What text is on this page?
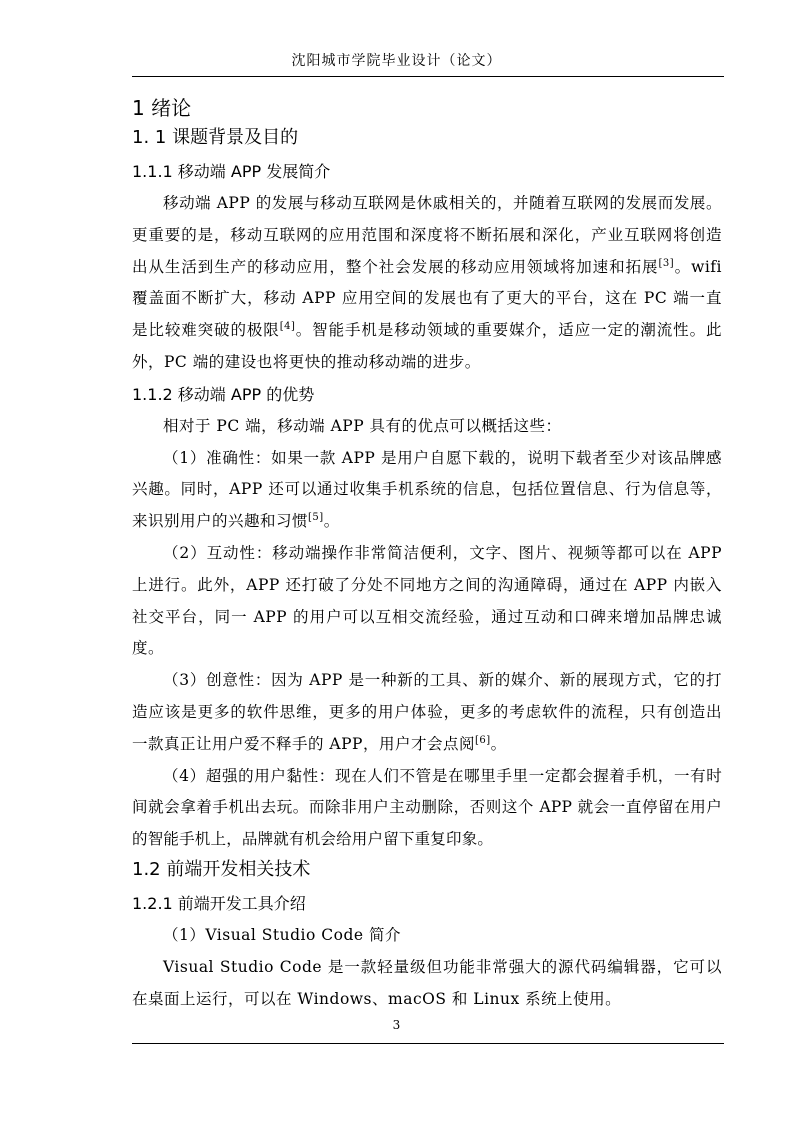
沈阳城市学院毕业设计（论文）
1 绪论
1. 1 课题背景及目的
1.1.1 移动端 APP 发展简介

移动端 APP 的发展与移动互联网是休戚相关的，并随着互联网的发展而发展。更重要的是，移动互联网的应用范围和深度将不断拓展和深化，产业互联网将创造出从生活到生产的移动应用，整个社会发展的移动应用领域将加速和拓展[3]。wifi 覆盖面不断扩大，移动 APP 应用空间的发展也有了更大的平台，这在 PC 端一直是比较难突破的极限[4]。智能手机是移动领域的重要媒介，适应一定的潮流性。此外，PC 端的建设也将更快的推动移动端的进步。

1.1.2 移动端 APP 的优势

相对于 PC 端，移动端 APP 具有的优点可以概括这些：

（1）准确性：如果一款 APP 是用户自愿下载的，说明下载者至少对该品牌感兴趣。同时，APP 还可以通过收集手机系统的信息，包括位置信息、行为信息等，来识别用户的兴趣和习惯[5]。

（2）互动性：移动端操作非常简洁便利，文字、图片、视频等都可以在 APP 上进行。此外，APP 还打破了分处不同地方之间的沟通障碍，通过在 APP 内嵌入社交平台，同一 APP 的用户可以互相交流经验，通过互动和口碑来增加品牌忠诚度。

（3）创意性：因为 APP 是一种新的工具、新的媒介、新的展现方式，它的打造应该是更多的软件思维，更多的用户体验，更多的考虑软件的流程，只有创造出一款真正让用户爱不释手的 APP，用户才会点阅[6]。

（4）超强的用户黏性：现在人们不管是在哪里手里一定都会握着手机，一有时间就会拿着手机出去玩。而除非用户主动删除，否则这个 APP 就会一直停留在用户的智能手机上，品牌就有机会给用户留下重复印象。

1.2 前端开发相关技术
1.2.1 前端开发工具介绍

（1）Visual Studio Code 简介

Visual Studio Code 是一款轻量级但功能非常强大的源代码编辑器，它可以在桌面上运行，可以在 Windows、macOS 和 Linux 系统上使用。

3
